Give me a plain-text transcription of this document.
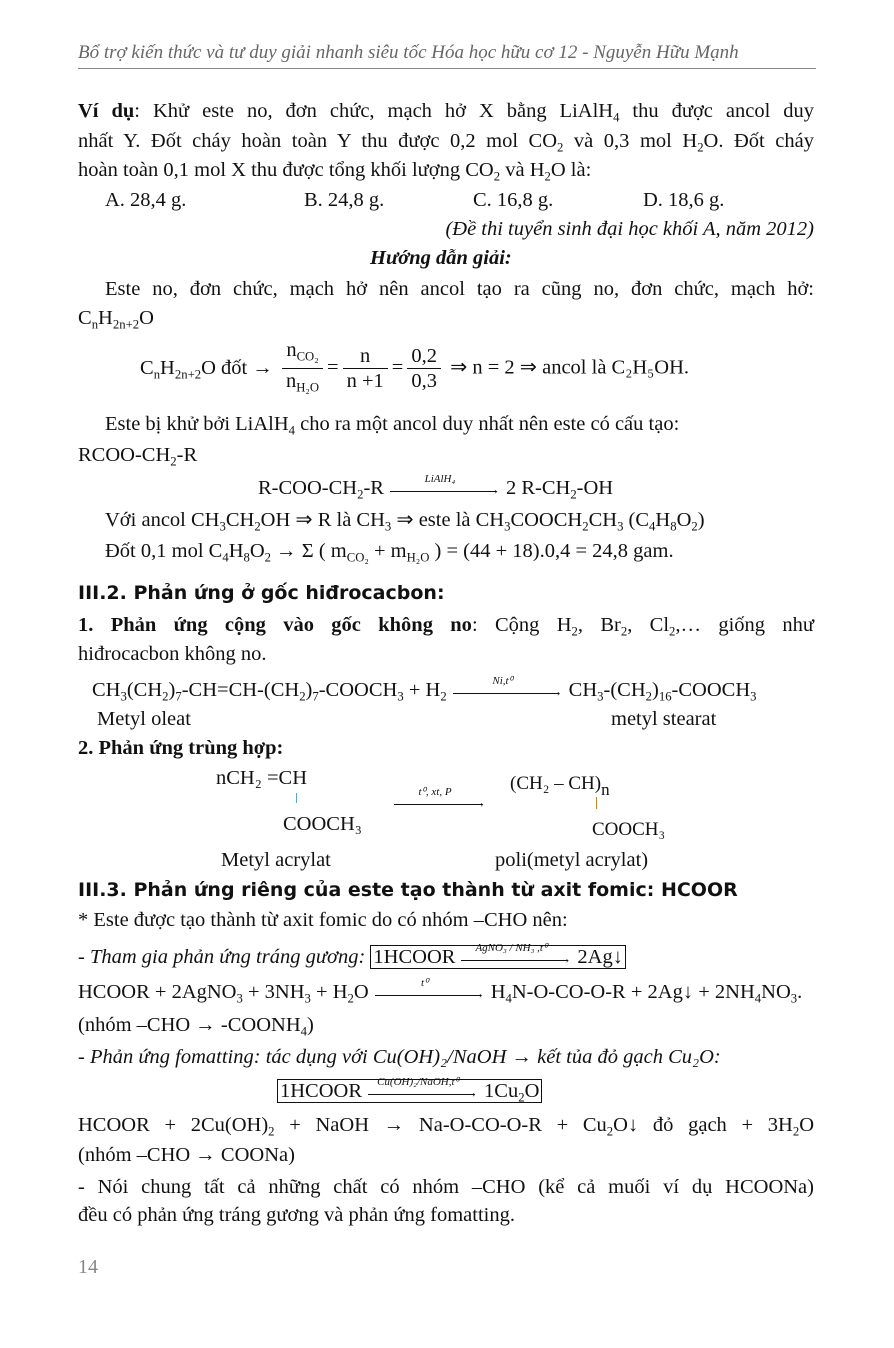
Bổ trợ kiến thức và tư duy giải nhanh siêu tốc Hóa học hữu cơ 12 - Nguyễn Hữu Mạnh
Ví dụ: Khử este no, đơn chức, mạch hở X bằng LiAlH$_4$ thu được ancol duy
nhất Y. Đốt cháy hoàn toàn Y thu được 0,2 mol $CO_2$ và 0,3 mol $H_2O$. Đốt cháy
hoàn toàn 0,1 mol X thu được tổng khối lượng $CO_2$ và $H_2O$ là:
A. 28,4 g.	B. 24,8 g.	C. 16,8 g.	D. 18,6 g.
(Đề thi tuyển sinh đại học khối A, năm 2012)
Hướng dẫn giải:
Este no, đơn chức, mạch hở nên ancol tạo ra cũng no, đơn chức, mạch hở:
$C_nH_{2n+2}O$
$C_nH_{2n+2}O$ đốt → $\frac{n_{CO_2}}{n_{H_2O}} = \frac{n}{n +1} = \frac{0,2}{0,3}$ ⇒ n = 2 ⇒ ancol là C₂H₅OH.
Este bị khử bởi LiAlH$_4$ cho ra một ancol duy nhất nên este có cấu tạo:
RCOO-$CH_2-R$
$R-COO-CH_2-R$	LiAlH₄
→ 2 $R-CH_2-OH$
Với ancol $CH_3CH_2OH$ ⇒ R là $CH_3$ ⇒ este là $CH_3COOCH_2CH_3$ $(C_4H_8O_2)$
Đốt 0,1 mol $C_4H_8O_2 \to \Sigma$ ( $m_{CO_2} + m_{H_2O}$ ) = (44 + 18).0,4 = 24,8 gam.
III.2. Phản ứng ở gốc hiđrocacbon:
1. Phản ứng cộng vào gốc không no: Cộng $H_2$, $Br_2$, $Cl_2,\dots$ giống như
hiđrocacbon không no.
$CH_3(CH_2)_7-CH=CH-(CH_2)_7-COOCH_3 + H_2$
Ni,t⁰
→ $CH_3-(CH_2)_{16}-COOCH_3$
Metyl oleat	metyl stearat
2. Phản ứng trùng hợp:
nCH₂ =CH
COOCH₃
t⁰, xt, P
→
(CH₂ – CH)n
COOCH₃
Metyl acrylat	poli(metyl acrylat)
III.3. Phản ứng riêng của este tạo thành từ axit fomic: HCOOR
* Este được tạo thành từ axit fomic do có nhóm –CHO nên:
- Tham gia phản ứng tráng gương: 1HCOOR	AgNO₃ / NH₃ ,t⁰
→ 2Ag↓
HCOOR + 2AgNO$_3$ + $3NH_3 + H_2O$	t⁰
→ $H_4N-O-CO-O-R$ + 2Ag↓ + $2NH_4NO_3$.
(nhóm $-CHO \to -COONH_4$)
- Phản ứng fomatting: tác dụng với Cu(OH)₂/NaOH → kết tủa đỏ gạch Cu₂O:
1HCOOR	Cu(OH)₂/NaOH,t⁰
→ $1Cu_2O$
HCOOR + $2Cu(OH)_2$ + NaOH → $Na-O-CO-O-R + Cu_2O↓$ đỏ gạch + $3H_2O$
(nhóm –CHO → COONa)
- Nói chung tất cả những chất có nhóm –CHO (kể cả muối ví dụ HCOONa)
đều có phản ứng tráng gương và phản ứng fomatting.
14
